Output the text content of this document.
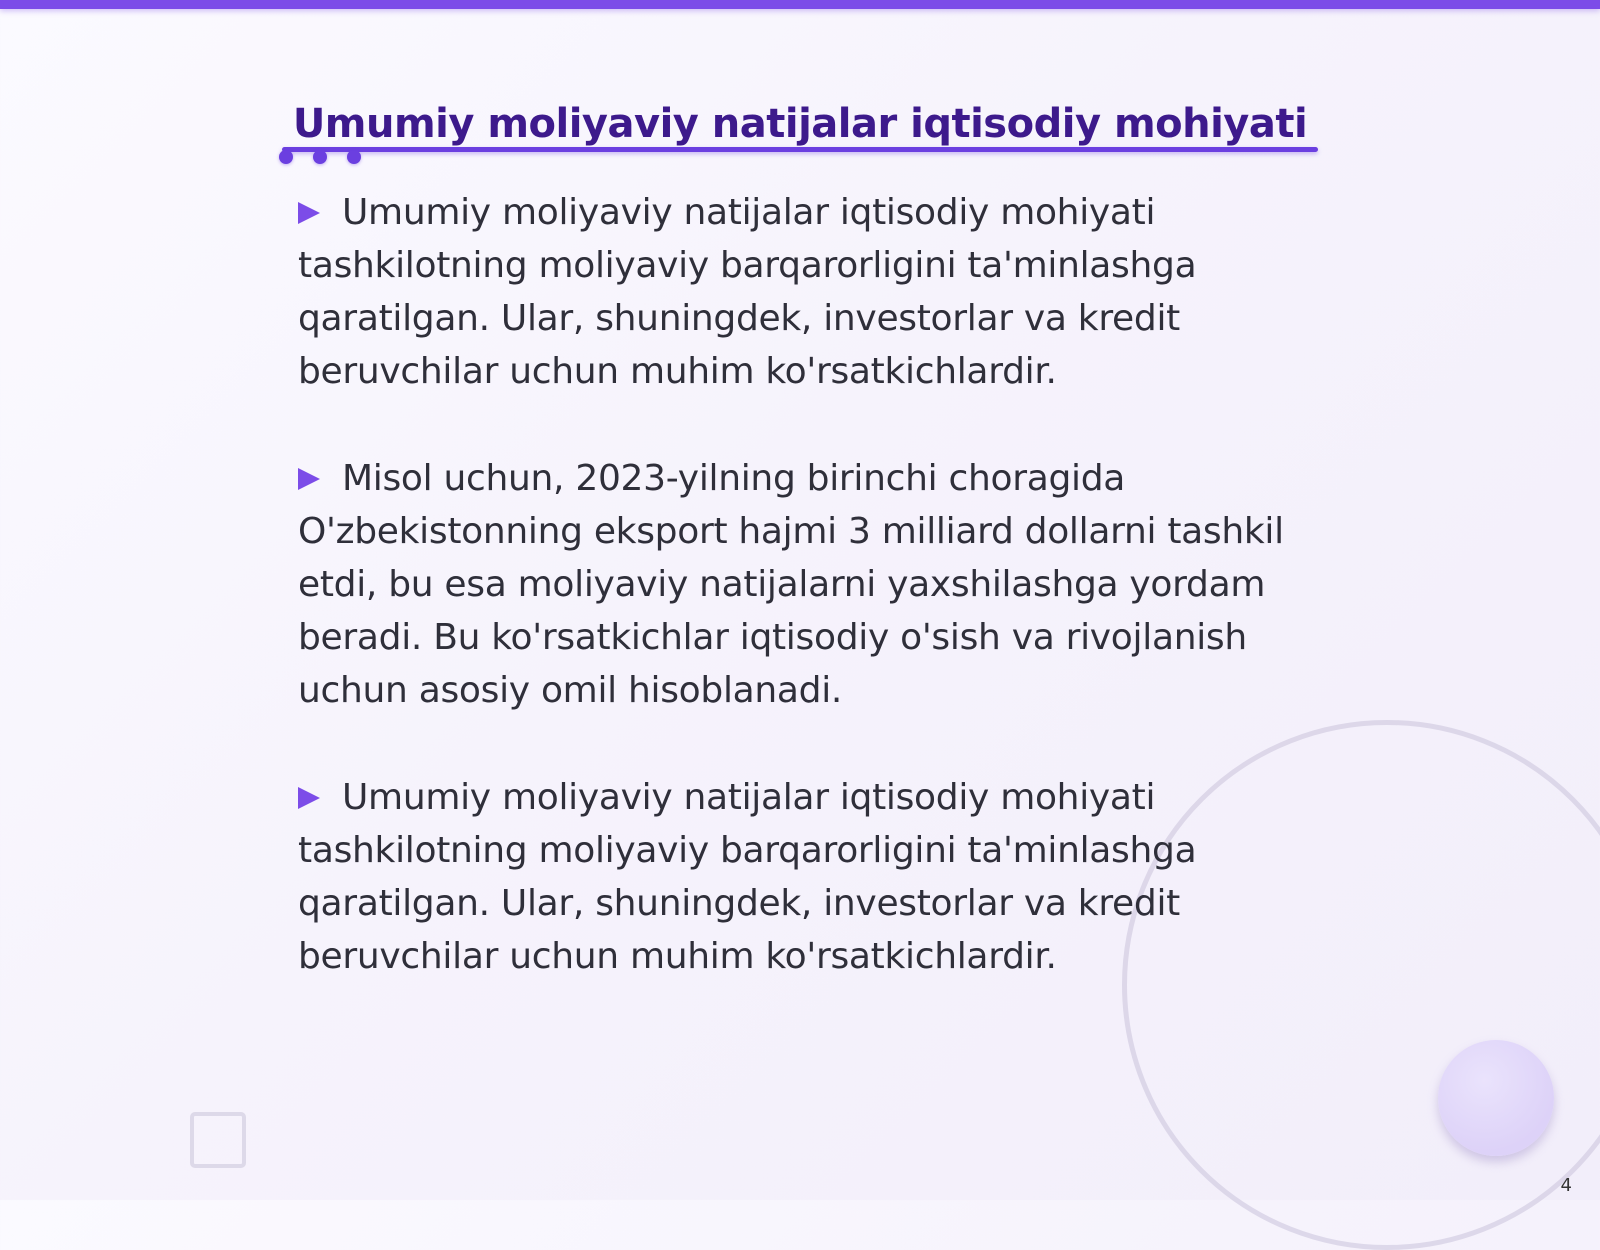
Umumiy moliyaviy natijalar iqtisodiy mohiyati

Umumiy moliyaviy natijalar iqtisodiy mohiyati tashkilotning moliyaviy barqarorligini ta'minlashga qaratilgan. Ular, shuningdek, investorlar va kredit beruvchilar uchun muhim ko'rsatkichlardir.

Misol uchun, 2023-yilning birinchi choragida O'zbekistonning eksport hajmi 3 milliard dollarni tashkil etdi, bu esa moliyaviy natijalarni yaxshilashga yordam beradi. Bu ko'rsatkichlar iqtisodiy o'sish va rivojlanish uchun asosiy omil hisoblanadi.

Umumiy moliyaviy natijalar iqtisodiy mohiyati tashkilotning moliyaviy barqarorligini ta'minlashga qaratilgan. Ular, shuningdek, investorlar va kredit beruvchilar uchun muhim ko'rsatkichlardir.

4
